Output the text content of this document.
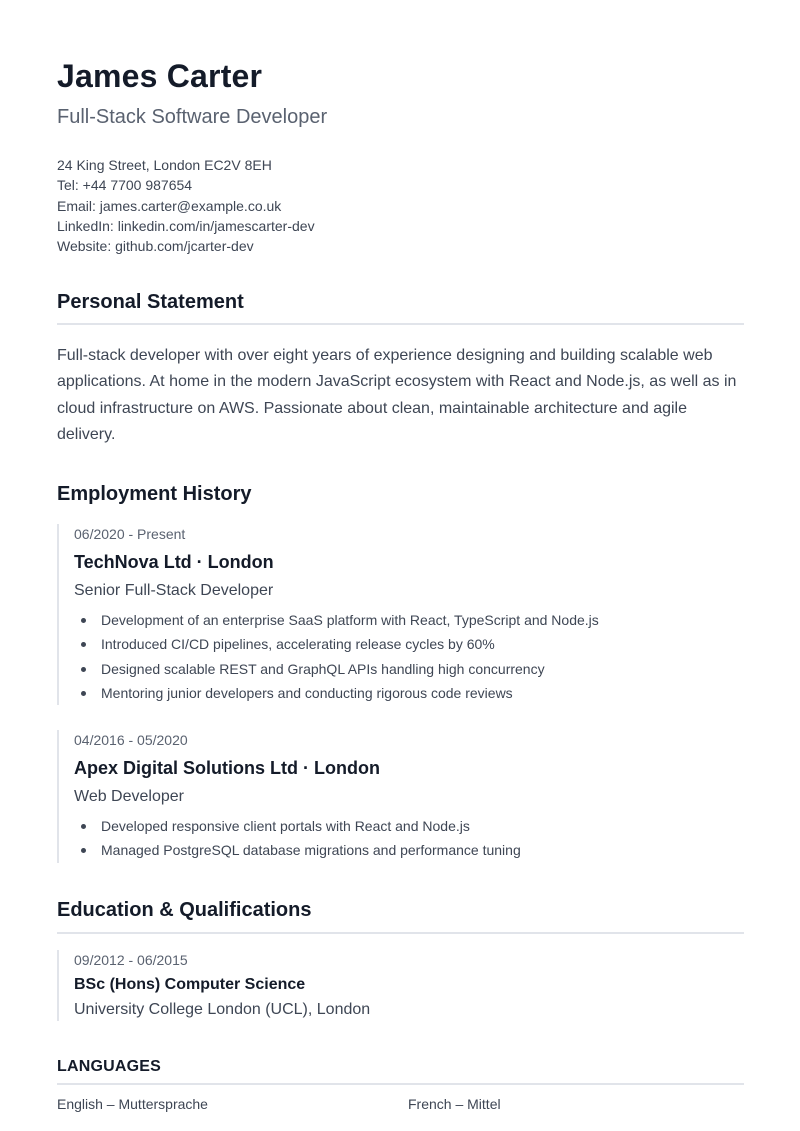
James Carter
Full-Stack Software Developer
24 King Street, London EC2V 8EH
Tel: +44 7700 987654
Email: james.carter@example.co.uk
LinkedIn: linkedin.com/in/jamescarter-dev
Website: github.com/jcarter-dev
Personal Statement

Full-stack developer with over eight years of experience designing and building scalable web applications. At home in the modern JavaScript ecosystem with React and Node.js, as well as in cloud infrastructure on AWS. Passionate about clean, maintainable architecture and agile delivery.

Employment History
06/2020 - Present
TechNova Ltd · London
Senior Full-Stack Developer
Development of an enterprise SaaS platform with React, TypeScript and Node.js
Introduced CI/CD pipelines, accelerating release cycles by 60%
Designed scalable REST and GraphQL APIs handling high concurrency
Mentoring junior developers and conducting rigorous code reviews
04/2016 - 05/2020
Apex Digital Solutions Ltd · London
Web Developer
Developed responsive client portals with React and Node.js
Managed PostgreSQL database migrations and performance tuning
Education & Qualifications
09/2012 - 06/2015
BSc (Hons) Computer Science
University College London (UCL), London
LANGUAGES
English – Muttersprache	French – Mittel
